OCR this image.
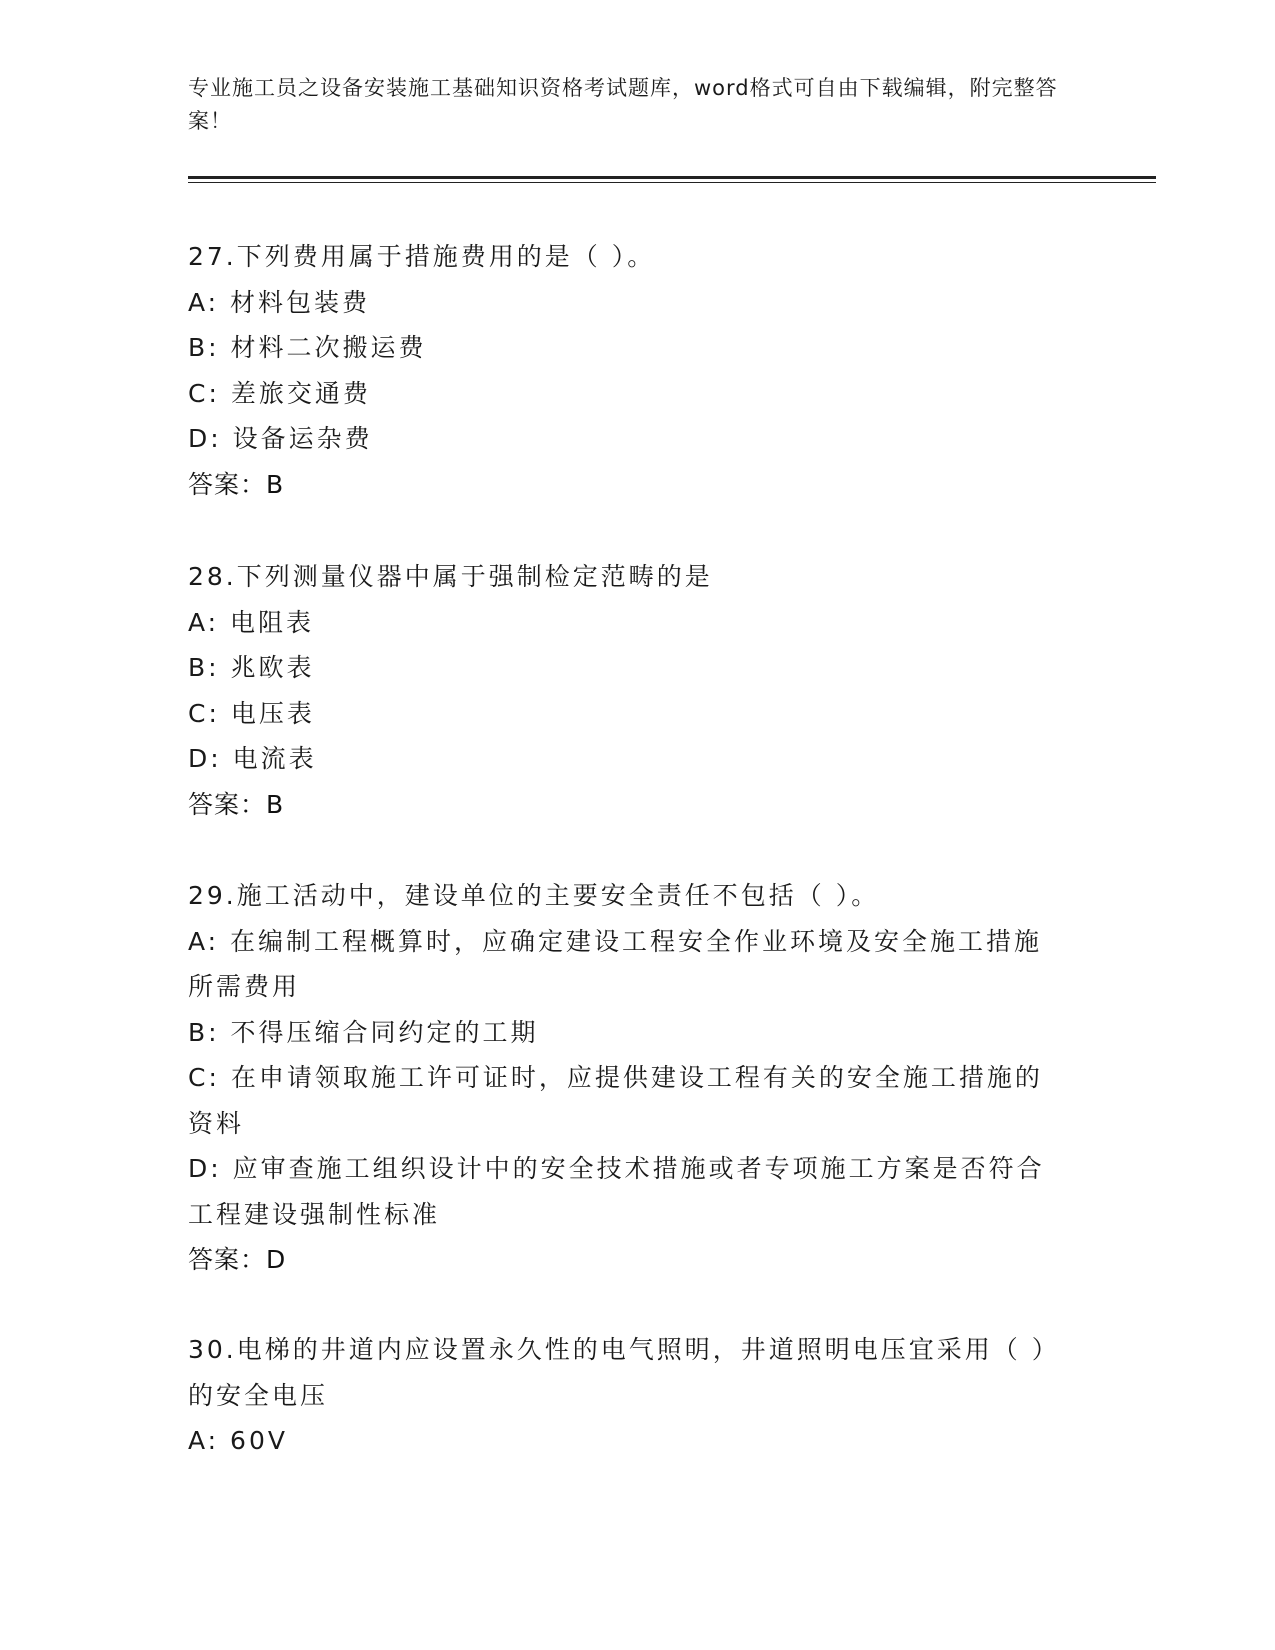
专业施工员之设备安装施工基础知识资格考试题库，word格式可自由下载编辑，附完整答案！
27.下列费用属于措施费用的是（ ）。
A: 材料包装费
B: 材料二次搬运费
C: 差旅交通费
D: 设备运杂费
答案：B
28.下列测量仪器中属于强制检定范畴的是
A: 电阻表
B: 兆欧表
C: 电压表
D: 电流表
答案：B
29.施工活动中，建设单位的主要安全责任不包括（ ）。
A: 在编制工程概算时，应确定建设工程安全作业环境及安全施工措施所需费用
B: 不得压缩合同约定的工期
C: 在申请领取施工许可证时，应提供建设工程有关的安全施工措施的资料
D: 应审查施工组织设计中的安全技术措施或者专项施工方案是否符合工程建设强制性标准
答案：D
30.电梯的井道内应设置永久性的电气照明，井道照明电压宜采用（ ）的安全电压
A: 60V
